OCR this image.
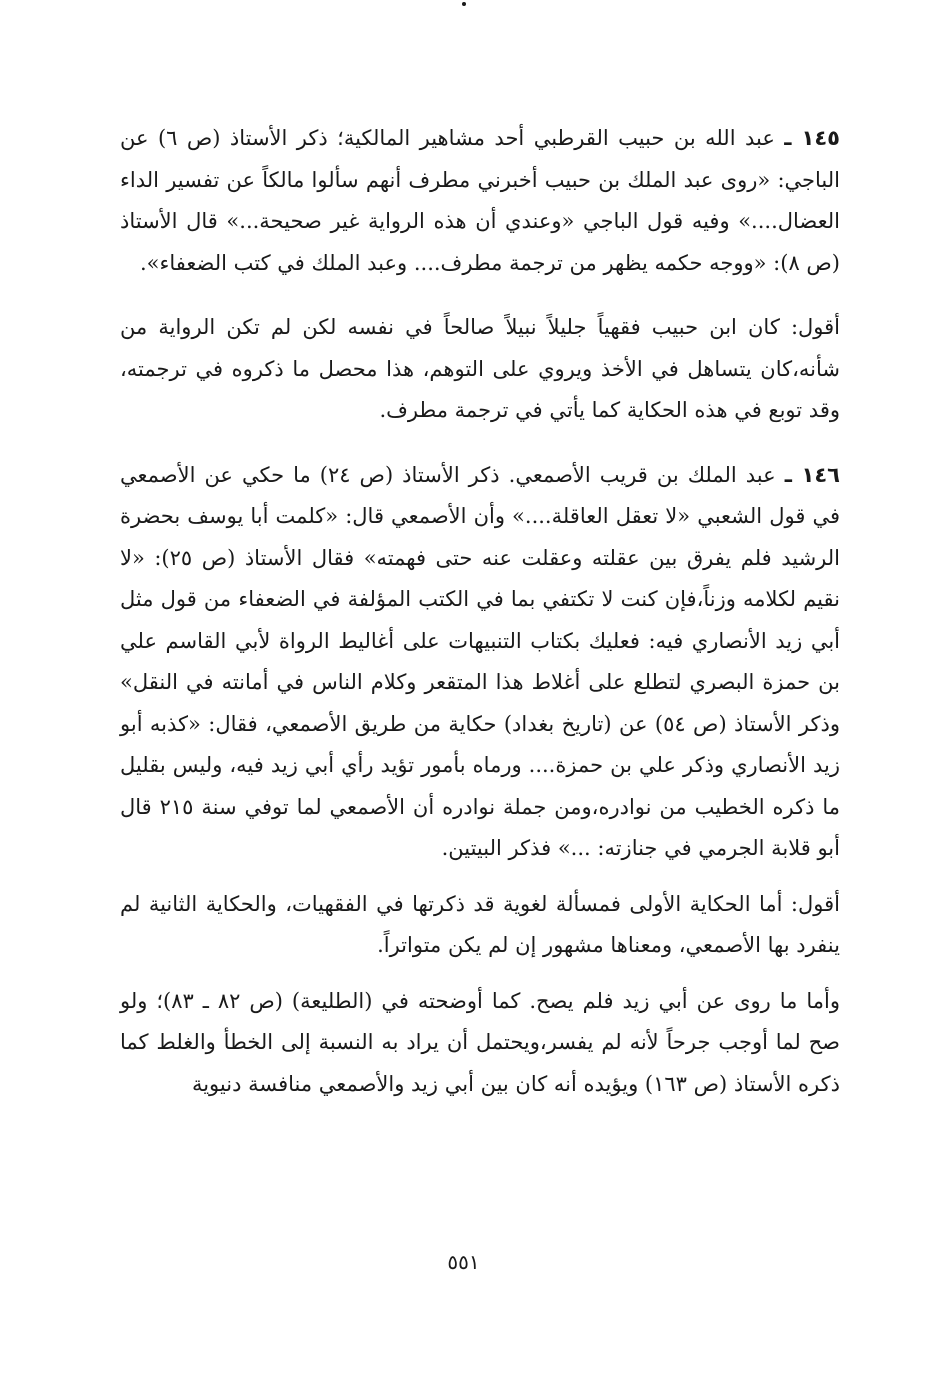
١٤٥ ـ عبد الله بن حبيب القرطبي أحد مشاهير المالكية؛ ذكر الأستاذ (ص ٦) عن الباجي: «روى عبد الملك بن حبيب أخبرني مطرف أنهم سألوا مالكاً عن تفسير الداء العضال....» وفيه قول الباجي «وعندي أن هذه الرواية غير صحيحة...» قال الأستاذ (ص ٨): «ووجه حكمه يظهر من ترجمة مطرف.... وعبد الملك في كتب الضعفاء».

أقول: كان ابن حبيب فقهياً جليلاً نبيلاً صالحاً في نفسه لكن لم تكن الرواية من شأنه،كان يتساهل في الأخذ ويروي على التوهم، هذا محصل ما ذكروه في ترجمته، وقد توبع في هذه الحكاية كما يأتي في ترجمة مطرف.

١٤٦ ـ عبد الملك بن قريب الأصمعي. ذكر الأستاذ (ص ٢٤) ما حكي عن الأصمعي في قول الشعبي «لا تعقل العاقلة....» وأن الأصمعي قال: «كلمت أبا يوسف بحضرة الرشيد فلم يفرق بين عقلته وعقلت عنه حتى فهمته» فقال الأستاذ (ص ٢٥): «لا نقيم لكلامه وزناً،فإن كنت لا تكتفي بما في الكتب المؤلفة في الضعفاء من قول مثل أبي زيد الأنصاري فيه: فعليك بكتاب التنبيهات على أغاليط الرواة لأبي القاسم علي بن حمزة البصري لتطلع على أغلاط هذا المتقعر وكلام الناس في أمانته في النقل» وذكر الأستاذ (ص ٥٤) عن (تاريخ بغداد) حكاية من طريق الأصمعي، فقال: «كذبه أبو زيد الأنصاري وذكر علي بن حمزة.... ورماه بأمور تؤيد رأي أبي زيد فيه، وليس بقليل ما ذكره الخطيب من نوادره،ومن جملة نوادره أن الأصمعي لما توفي سنة ٢١٥ قال أبو قلابة الجرمي في جنازته: ...» فذكر البيتين.

أقول: أما الحكاية الأولى فمسألة لغوية قد ذكرتها في الفقهيات، والحكاية الثانية لم ينفرد بها الأصمعي، ومعناها مشهور إن لم يكن متواتراً.

وأما ما روى عن أبي زيد فلم يصح. كما أوضحته في (الطليعة) (ص ٨٢ ـ ٨٣)؛ ولو صح لما أوجب جرحاً لأنه لم يفسر،ويحتمل أن يراد به النسبة إلى الخطأ والغلط كما ذكره الأستاذ (ص ١٦٣) ويؤيده أنه كان بين أبي زيد والأصمعي منافسة دنيوية

٥٥١
